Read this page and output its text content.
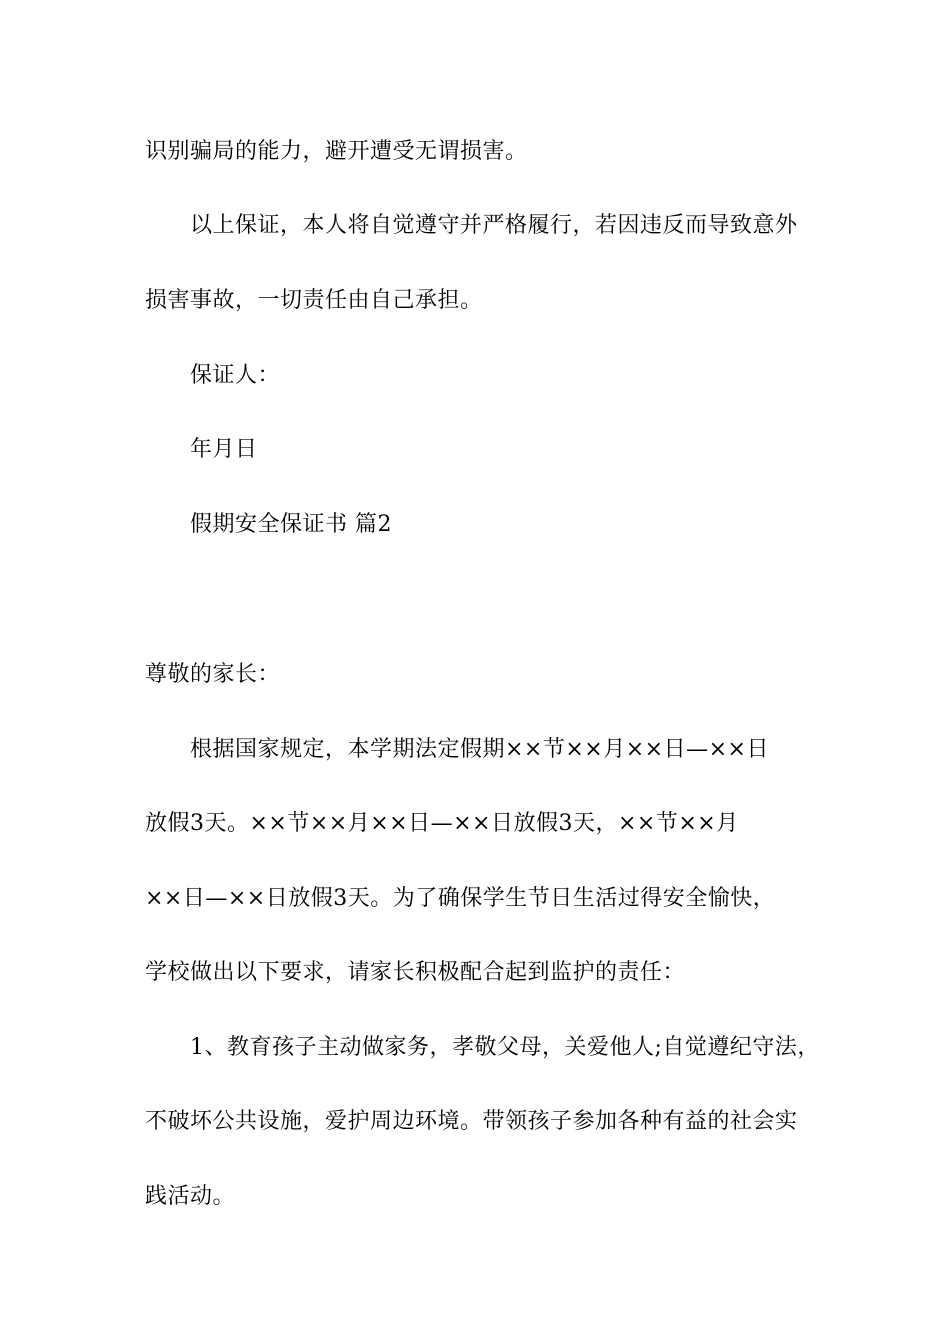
识别骗局的能力，避开遭受无谓损害。
以上保证，本人将自觉遵守并严格履行，若因违反而导致意外
损害事故，一切责任由自己承担。
保证人：
年月日
假期安全保证书 篇2
尊敬的家长：
根据国家规定，本学期法定假期××节××月××日—××日
放假3天。××节××月××日—××日放假3天，××节××月
××日—××日放假3天。为了确保学生节日生活过得安全愉快，
学校做出以下要求，请家长积极配合起到监护的责任：
1、教育孩子主动做家务，孝敬父母，关爱他人;自觉遵纪守法，
不破坏公共设施，爱护周边环境。带领孩子参加各种有益的社会实
践活动。
